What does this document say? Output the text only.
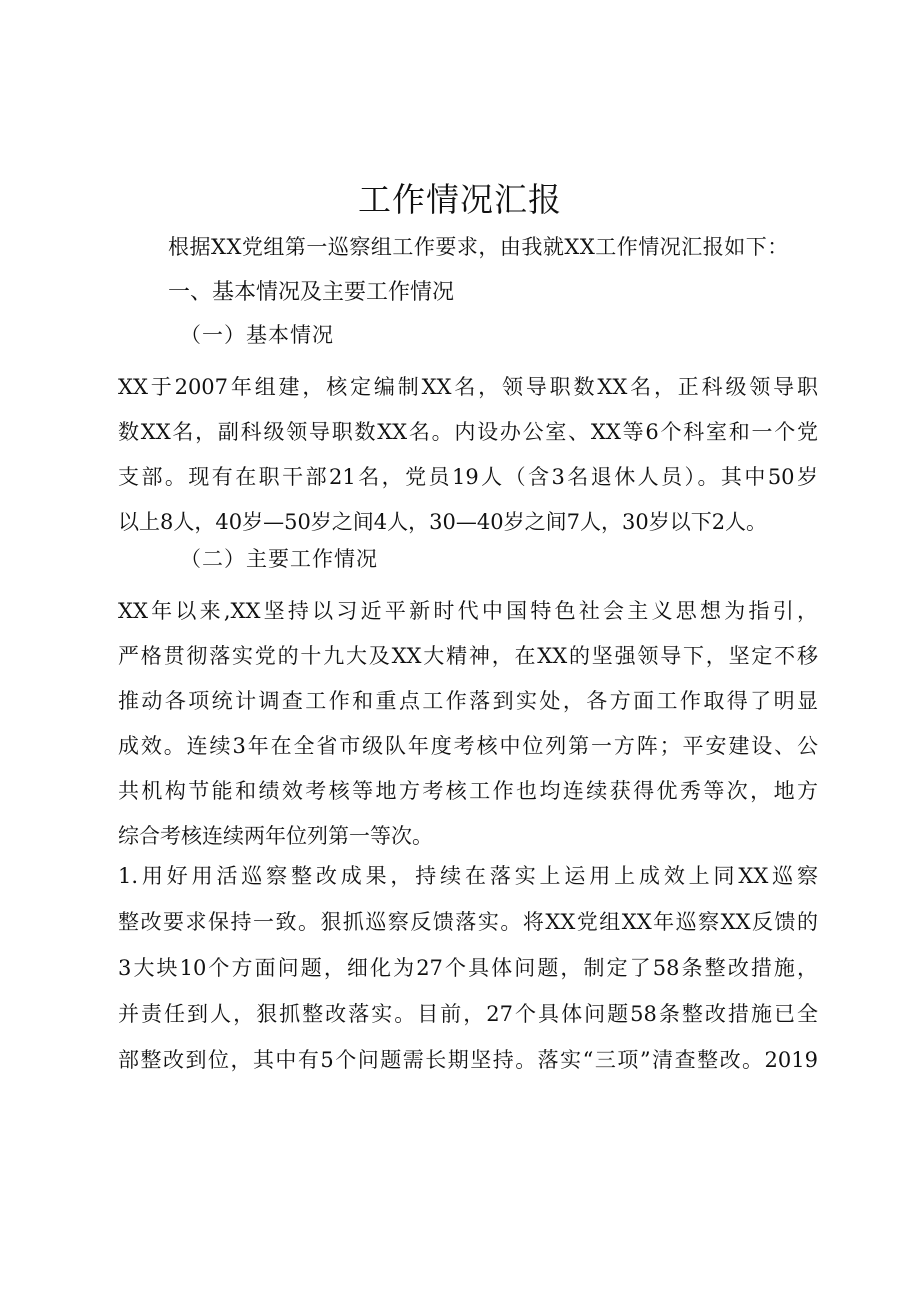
工作情况汇报

根据XX党组第一巡察组工作要求，由我就XX工作情况汇报如下：

一、基本情况及主要工作情况

（一）基本情况

XX于2007年组建，核定编制XX名，领导职数XX名，正科级领导职
数XX名，副科级领导职数XX名。内设办公室、XX等6个科室和一个党
支部。现有在职干部21名，党员19人（含3名退休人员）。其中50岁
以上8人，40岁—50岁之间4人，30—40岁之间7人，30岁以下2人。

（二）主要工作情况

XX年以来,XX坚持以习近平新时代中国特色社会主义思想为指引，
严格贯彻落实党的十九大及XX大精神，在XX的坚强领导下，坚定不移
推动各项统计调查工作和重点工作落到实处，各方面工作取得了明显
成效。连续3年在全省市级队年度考核中位列第一方阵；平安建设、公
共机构节能和绩效考核等地方考核工作也均连续获得优秀等次，地方
综合考核连续两年位列第一等次。
1.用好用活巡察整改成果，持续在落实上运用上成效上同XX巡察
整改要求保持一致。狠抓巡察反馈落实。将XX党组XX年巡察XX反馈的
3大块10个方面问题，细化为27个具体问题，制定了58条整改措施，
并责任到人，狠抓整改落实。目前，27个具体问题58条整改措施已全
部整改到位，其中有5个问题需长期坚持。落实“三项”清查整改。2019
